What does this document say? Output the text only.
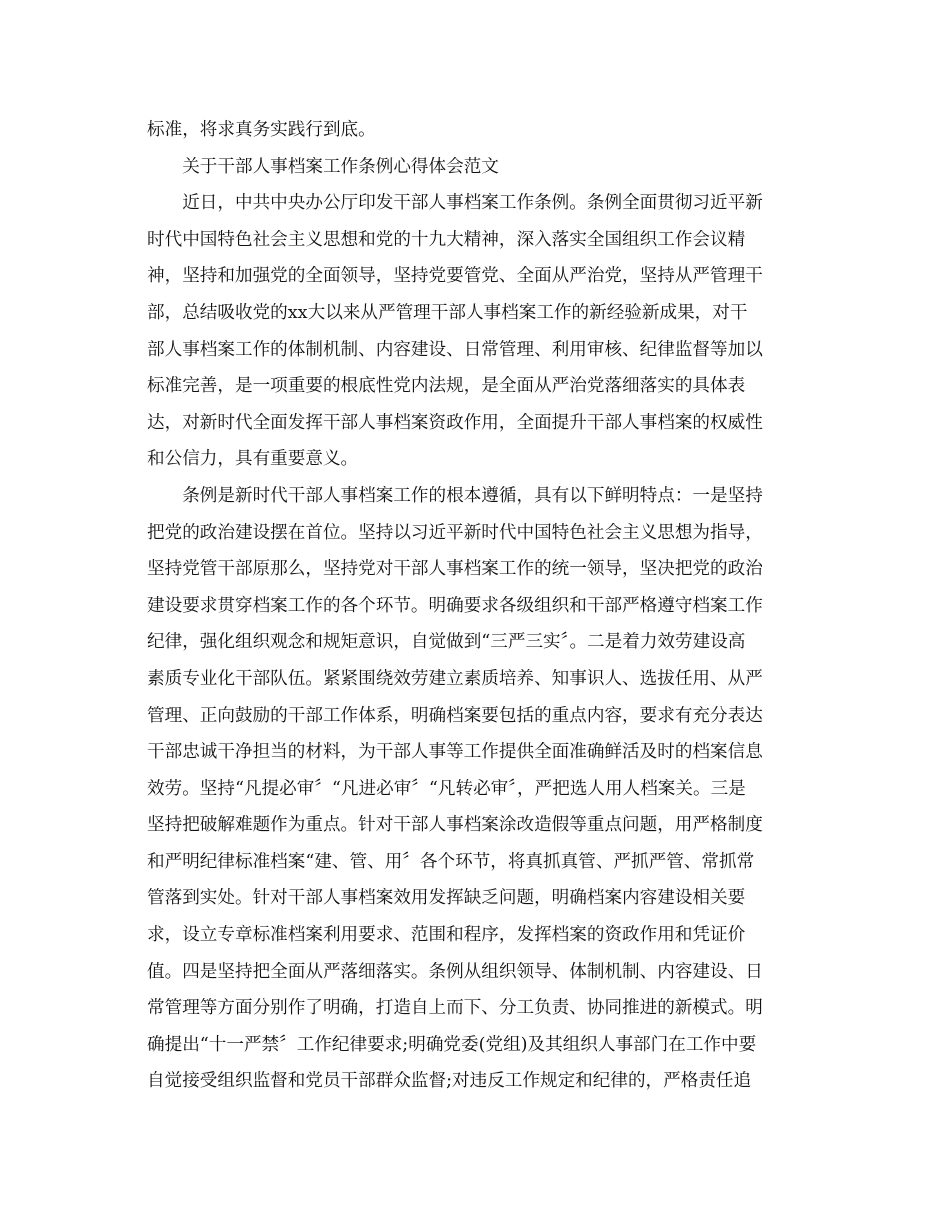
标准，将求真务实践行到底。

关于干部人事档案工作条例心得体会范文

近日，中共中央办公厅印发干部人事档案工作条例。条例全面贯彻习近平新
时代中国特色社会主义思想和党的十九大精神，深入落实全国组织工作会议精
神，坚持和加强党的全面领导，坚持党要管党、全面从严治党，坚持从严管理干
部，总结吸收党的xx大以来从严管理干部人事档案工作的新经验新成果，对干
部人事档案工作的体制机制、内容建设、日常管理、利用审核、纪律监督等加以
标准完善，是一项重要的根底性党内法规，是全面从严治党落细落实的具体表
达，对新时代全面发挥干部人事档案资政作用，全面提升干部人事档案的权威性
和公信力，具有重要意义。

条例是新时代干部人事档案工作的根本遵循，具有以下鲜明特点：一是坚持
把党的政治建设摆在首位。坚持以习近平新时代中国特色社会主义思想为指导，
坚持党管干部原那么，坚持党对干部人事档案工作的统一领导，坚决把党的政治
建设要求贯穿档案工作的各个环节。明确要求各级组织和干部严格遵守档案工作
纪律，强化组织观念和规矩意识，自觉做到“三严三实〞。二是着力效劳建设高
素质专业化干部队伍。紧紧围绕效劳建立素质培养、知事识人、选拔任用、从严
管理、正向鼓励的干部工作体系，明确档案要包括的重点内容，要求有充分表达
干部忠诚干净担当的材料，为干部人事等工作提供全面准确鲜活及时的档案信息
效劳。坚持“凡提必审〞“凡进必审〞“凡转必审〞，严把选人用人档案关。三是
坚持把破解难题作为重点。针对干部人事档案涂改造假等重点问题，用严格制度
和严明纪律标准档案“建、管、用〞各个环节，将真抓真管、严抓严管、常抓常
管落到实处。针对干部人事档案效用发挥缺乏问题，明确档案内容建设相关要
求，设立专章标准档案利用要求、范围和程序，发挥档案的资政作用和凭证价
值。四是坚持把全面从严落细落实。条例从组织领导、体制机制、内容建设、日
常管理等方面分别作了明确，打造自上而下、分工负责、协同推进的新模式。明
确提出“十一严禁〞工作纪律要求;明确党委(党组)及其组织人事部门在工作中要
自觉接受组织监督和党员干部群众监督;对违反工作规定和纪律的，严格责任追
